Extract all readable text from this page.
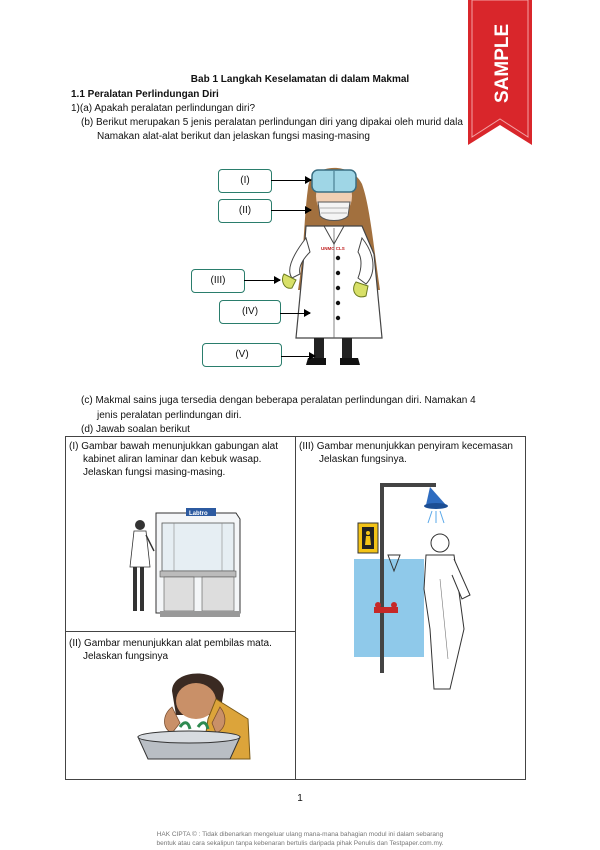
SAMPLE
Bab 1 Langkah Keselamatan di dalam Makmal
1.1 Peralatan Perlindungan Diri
1)(a) Apakah peralatan perlindungan diri?
(b) Berikut merupakan 5 jenis peralatan perlindungan diri yang dipakai oleh murid dala
Namakan alat-alat berikut dan jelaskan fungsi masing-masing
UNMC CLS
(I)
(II)
(III)
(IV)
(V)
(c) Makmal sains juga tersedia dengan beberapa peralatan perlindungan diri. Namakan 4
jenis peralatan perlindungan diri.
(d) Jawab soalan berikut
(I) Gambar bawah menunjukkan gabungan alat
kabinet aliran laminar dan kebuk wasap.
Jelaskan fungsi masing-masing.
Labtro
(III) Gambar menunjukkan penyiram kecemasan
Jelaskan fungsinya.
(II) Gambar menunjukkan alat pembilas mata.
Jelaskan fungsinya
1
HAK CIPTA © : Tidak dibenarkan mengeluar ulang mana-mana bahagian modul ini dalam sebarang
bentuk atau cara sekalipun tanpa kebenaran bertulis daripada pihak Penulis dan Testpaper.com.my.
